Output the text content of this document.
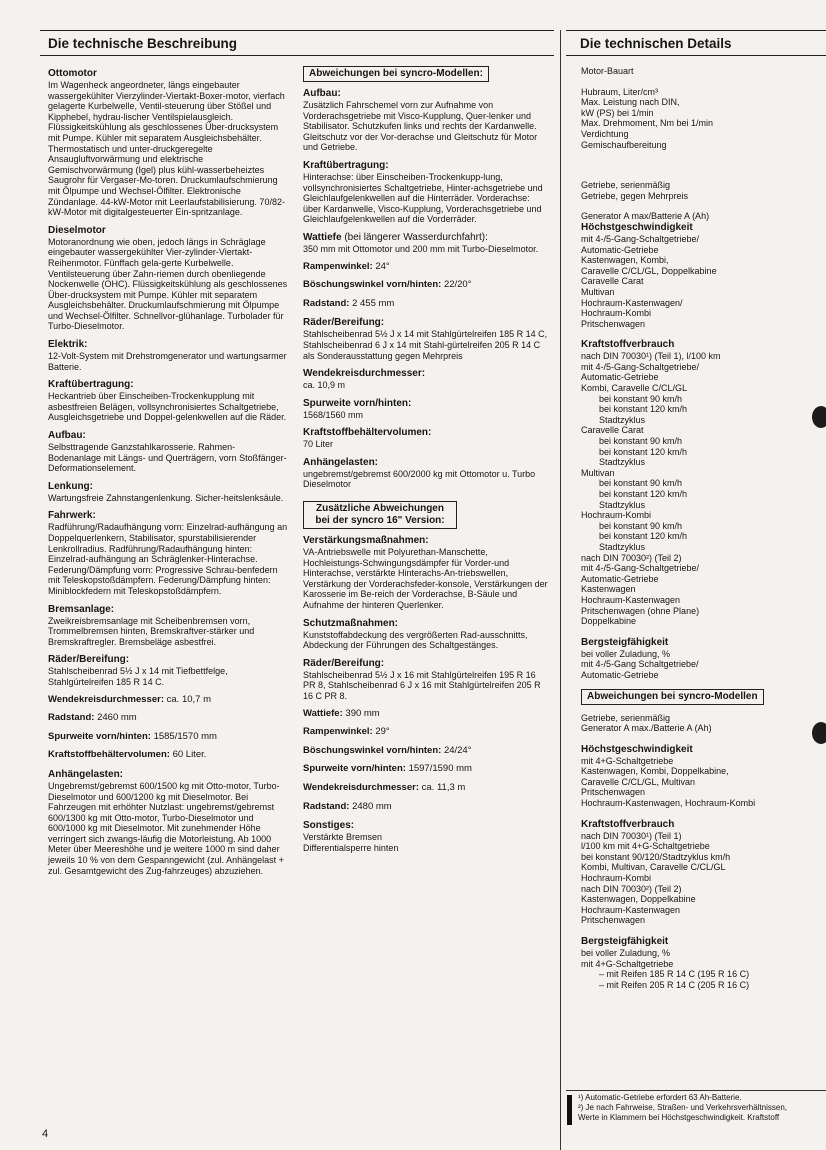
Die technische Beschreibung	Die technischen Details
Ottomotor

Im Wagenheck angeordneter, längs eingebauter wassergekühlter Vierzylinder-Viertakt-Boxer-motor, vierfach gelagerte Kurbelwelle, Ventil-steuerung über Stößel und Kipphebel, hydrau-lischer Ventilspielausgleich. Flüssigkeitskühlung als geschlossenes Über-drucksystem mit Pumpe. Kühler mit separatem Ausgleichsbehälter. Thermostatisch und unter-druckgeregelte Ansaugluftvorwärmung und elektrische Gemischvorwärmung (Igel) plus kühl-wasserbeheiztes Saugrohr für Vergaser-Mo-toren. Druckumlaufschmierung mit Ölpumpe und Wechsel-Ölfilter. Elektronische Zündanlage. 44-kW-Motor mit Leerlaufstabilisierung. 70/82-kW-Motor mit digitalgesteuerter Ein-spritzanlage.

Dieselmotor

Motoranordnung wie oben, jedoch längs in Schräglage eingebauter wassergekühlter Vier-zylinder-Viertakt-Reihenmotor. Fünffach gela-gerte Kurbelwelle. Ventilsteuerung über Zahn-riemen durch obenliegende Nockenwelle (OHC). Flüssigkeitskühlung als geschlossenes Über-drucksystem mit Pumpe. Kühler mit separatem Ausgleichsbehälter. Druckumlaufschmierung mit Ölpumpe und Wechsel-Ölfilter. Schnellvor-glühanlage. Turbolader für Turbo-Dieselmotor.

Elektrik:

12-Volt-System mit Drehstromgenerator und wartungsarmer Batterie.

Kraftübertragung:

Heckantrieb über Einscheiben-Trockenkupplung mit asbestfreien Belägen, vollsynchronisiertes Schaltgetriebe, Ausgleichsgetriebe und Doppel-gelenkwellen auf die Räder.

Aufbau:

Selbsttragende Ganzstahlkarosserie. Rahmen-Bodenanlage mit Längs- und Querträgern, vorn Stoßfänger-Deformationselement.

Lenkung:

Wartungsfreie Zahnstangenlenkung. Sicher-heitslenksäule.

Fahrwerk:

Radführung/Radaufhängung vorn: Einzelrad-aufhängung an Doppelquerlenkern, Stabilisator, spurstabilisierender Lenkrollradius. Radführung/Radaufhängung hinten: Einzelrad-aufhängung an Schräglenker-Hinterachse. Federung/Dämpfung vorn: Progressive Schrau-benfedern mit Teleskopstoßdämpfern. Federung/Dämpfung hinten: Miniblockfedern mit Teleskopstoßdämpfern.

Bremsanlage:

Zweikreisbremsanlage mit Scheibenbremsen vorn, Trommelbremsen hinten, Bremskraftver-stärker und Bremskraftregler. Bremsbeläge asbestfrei.

Räder/Bereifung:

Stahlscheibenrad 5½ J x 14 mit Tiefbettfelge, Stahlgürtelreifen 185 R 14 C.

Wendekreisdurchmesser: ca. 10,7 m

Radstand: 2460 mm

Spurweite vorn/hinten: 1585/1570 mm

Kraftstoffbehältervolumen: 60 Liter.

Anhängelasten:

Ungebremst/gebremst 600/1500 kg mit Otto-motor, Turbo-Dieselmotor und 600/1200 kg mit Dieselmotor. Bei Fahrzeugen mit erhöhter Nutzlast: ungebremst/gebremst 600/1300 kg mit Otto-motor, Turbo-Dieselmotor und 600/1000 kg mit Dieselmotor. Mit zunehmender Höhe verringert sich zwangs-läufig die Motorleistung. Ab 1000 Meter über Meereshöhe und je weitere 1000 m sind daher jeweils 10 % von dem Gespanngewicht (zul. Anhängelast + zul. Gesamtgewicht des Zug-fahrzeuges) abzuziehen.

Abweichungen bei syncro-Modellen:
Aufbau:

Zusätzlich Fahrschemel vorn zur Aufnahme von Vorderachsgetriebe mit Visco-Kupplung, Quer-lenker und Stabilisator. Schutzkufen links und rechts der Kardanwelle. Gleitschutz vor der Vor-derachse und Gleitschutz für Motor und Getriebe.

Kraftübertragung:

Hinterachse: über Einscheiben-Trockenkupp-lung, vollsynchronisiertes Schaltgetriebe, Hinter-achsgetriebe und Gleichlaufgelenkwellen auf die Hinterräder. Vorderachse: über Kardanwelle, Visco-Kupplung, Vorderachsgetriebe und Gleichlaufgelenkwellen auf die Vorderräder.

Wattiefe (bei längerer Wasserdurchfahrt):

350 mm mit Ottomotor und 200 mm mit Turbo-Dieselmotor.

Rampenwinkel: 24°

Böschungswinkel vorn/hinten: 22/20°

Radstand: 2 455 mm

Räder/Bereifung:

Stahlscheibenrad 5½ J x 14 mit Stahlgürtelreifen 185 R 14 C, Stahlscheibenrad 6 J x 14 mit Stahl-gürtelreifen 205 R 14 C als Sonderausstattung gegen Mehrpreis

Wendekreisdurchmesser:

ca. 10,9 m

Spurweite vorn/hinten:

1568/1560 mm

Kraftstoffbehältervolumen:

70 Liter

Anhängelasten:

ungebremst/gebremst 600/2000 kg mit Ottomotor u. Turbo Dieselmotor

Zusätzliche Abweichungen bei der syncro 16" Version:
Verstärkungsmaßnahmen:

VA-Antriebswelle mit Polyurethan-Manschette, Hochleistungs-Schwingungsdämpfer für Vorder-und Hinterachse, verstärkte Hinterachs-An-triebswellen, Verstärkung der Vorderachsfeder-konsole, Verstärkungen der Karosserie im Be-reich der Vorderachse, B-Säule und Aufnahme der hinteren Querlenker.

Schutzmaßnahmen:

Kunststoffabdeckung des vergrößerten Rad-ausschnitts, Abdeckung der Führungen des Schaltgestänges.

Räder/Bereifung:

Stahlscheibenrad 5½ J x 16 mit Stahlgürtelreifen 195 R 16 PR 8, Stahlscheibenrad 6 J x 16 mit Stahlgürtelreifen 205 R 16 C PR 8.

Wattiefe: 390 mm

Rampenwinkel: 29°

Böschungswinkel vorn/hinten: 24/24°

Spurweite vorn/hinten: 1597/1590 mm

Wendekreisdurchmesser: ca. 11,3 m

Radstand: 2480 mm

Sonstiges:
Verstärkte Bremsen
Differentialsperre hinten
Motor-Bauart
Hubraum, Liter/cm³
Max. Leistung nach DIN,
kW (PS) bei 1/min
Max. Drehmoment, Nm bei 1/min
Verdichtung
Gemischaufbereitung
Getriebe, serienmäßig
Getriebe, gegen Mehrpreis
Generator A max/Batterie A (Ah)
Höchstgeschwindigkeit
mit 4-/5-Gang-Schaltgetriebe/
Automatic-Getriebe
Kastenwagen, Kombi,
Caravelle C/CL/GL, Doppelkabine
Caravelle Carat
Multivan
Hochraum-Kastenwagen/
Hochraum-Kombi
Pritschenwagen
Kraftstoffverbrauch
nach DIN 70030¹) (Teil 1), l/100 km
mit 4-/5-Gang-Schaltgetriebe/
Automatic-Getriebe
Kombi, Caravelle C/CL/GL
bei konstant 90 km/h
bei konstant 120 km/h
Stadtzyklus
Caravelle Carat
bei konstant 90 km/h
bei konstant 120 km/h
Stadtzyklus
Multivan
bei konstant 90 km/h
bei konstant 120 km/h
Stadtzyklus
Hochraum-Kombi
bei konstant 90 km/h
bei konstant 120 km/h
Stadtzyklus
nach DIN 70030²) (Teil 2)
mit 4-/5-Gang-Schaltgetriebe/
Automatic-Getriebe
Kastenwagen
Hochraum-Kastenwagen
Pritschenwagen (ohne Plane)
Doppelkabine
Bergsteigfähigkeit
bei voller Zuladung, %
mit 4-/5-Gang Schaltgetriebe/
Automatic-Getriebe
Abweichungen bei syncro-Modellen
Getriebe, serienmäßig
Generator A max./Batterie A (Ah)
Höchstgeschwindigkeit
mit 4+G-Schaltgetriebe
Kastenwagen, Kombi, Doppelkabine,
Caravelle C/CL/GL, Multivan
Pritschenwagen
Hochraum-Kastenwagen, Hochraum-Kombi
Kraftstoffverbrauch
nach DIN 70030¹) (Teil 1)
l/100 km mit 4+G-Schaltgetriebe
bei konstant 90/120/Stadtzyklus km/h
Kombi, Multivan, Caravelle C/CL/GL
Hochraum-Kombi
nach DIN 70030²) (Teil 2)
Kastenwagen, Doppelkabine
Hochraum-Kastenwagen
Pritschenwagen
Bergsteigfähigkeit
bei voller Zuladung, %
mit 4+G-Schaltgetriebe
– mit Reifen 185 R 14 C (195 R 16 C)
– mit Reifen 205 R 14 C (205 R 16 C)
¹) Automatic-Getriebe erfordert 63 Ah-Batterie.
²) Je nach Fahrweise, Straßen- und Verkehrsverhältnissen,
Werte in Klammern bei Höchstgeschwindigkeit. Kraftstoff
4
